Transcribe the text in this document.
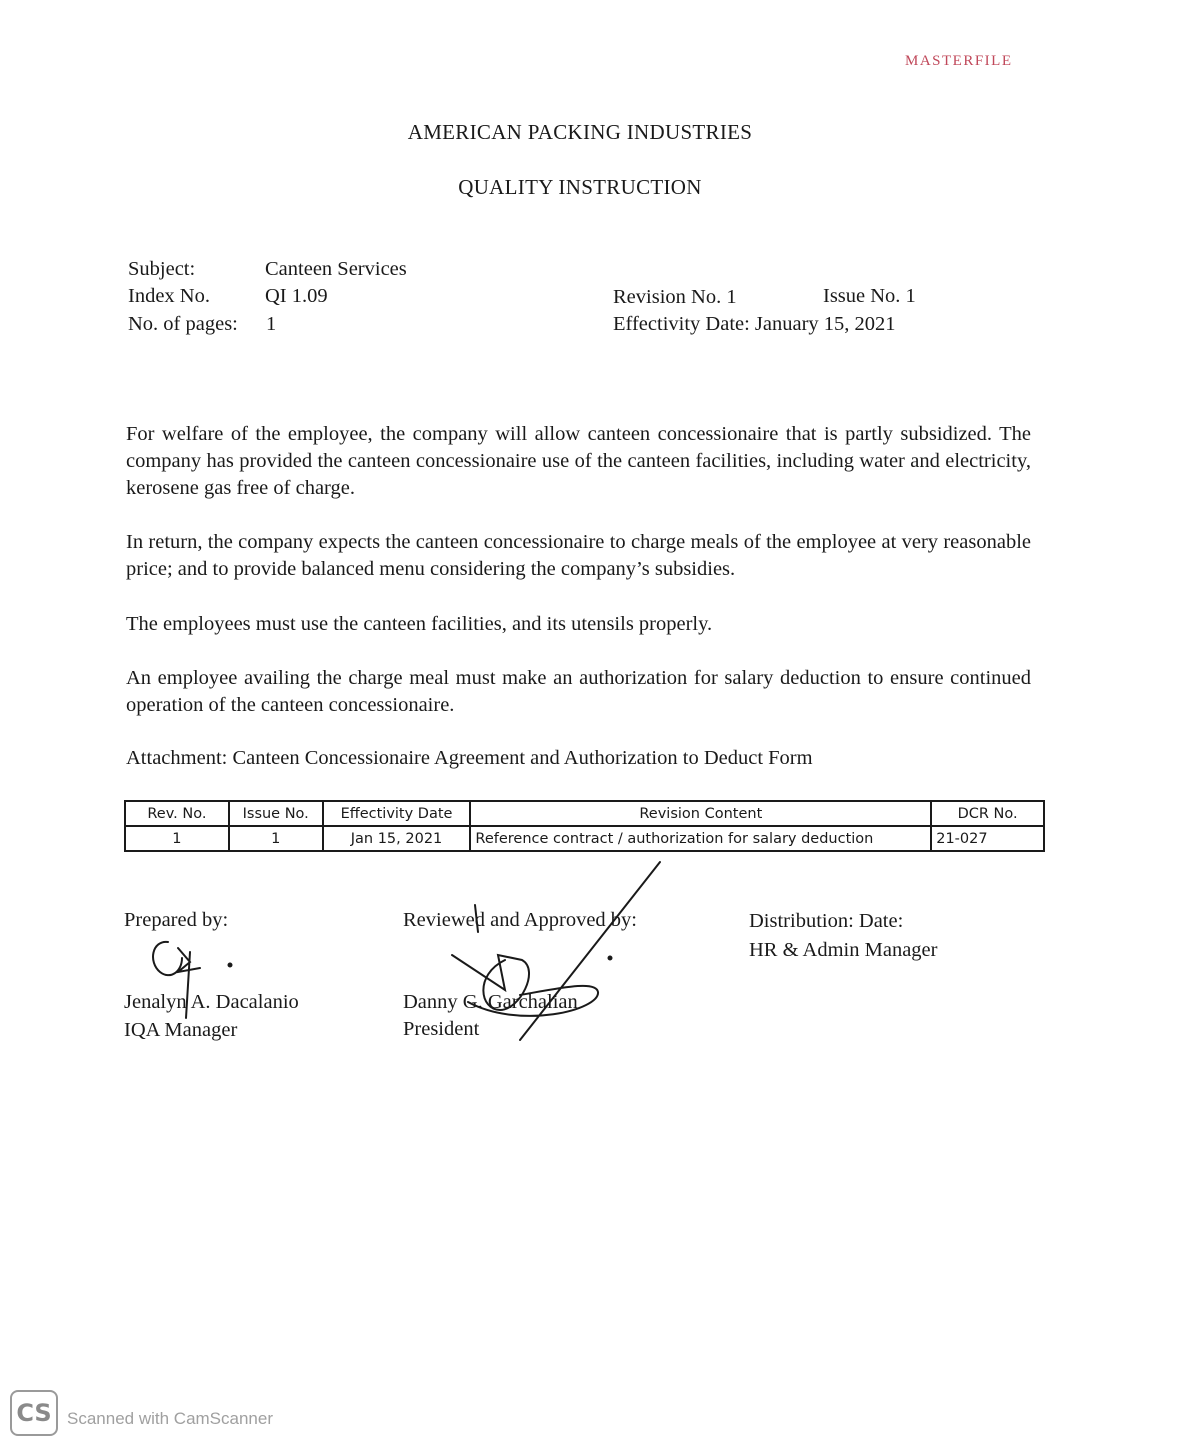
MASTERFILE
AMERICAN PACKING INDUSTRIES
QUALITY INSTRUCTION
Subject:	Canteen Services
Index No.	QI 1.09
No. of pages: 1
Revision No. 1	Issue No. 1
Effectivity Date: January 15, 2021
For welfare of the employee, the company will allow canteen concessionaire that is partly subsidized. The company has provided the canteen concessionaire use of the canteen facilities, including water and electricity, kerosene gas free of charge.
In return, the company expects the canteen concessionaire to charge meals of the employee at very reasonable price; and to provide balanced menu considering the company’s subsidies.
The employees must use the canteen facilities, and its utensils properly.
An employee availing the charge meal must make an authorization for salary deduction to ensure continued operation of the canteen concessionaire.
Attachment: Canteen Concessionaire Agreement and Authorization to Deduct Form
Rev. No.	Issue No.	Effectivity Date	Revision Content	DCR No.
1	1	Jan 15, 2021	Reference contract / authorization for salary deduction	21-027
Prepared by:
Jenalyn A. Dacalanio
IQA Manager
Reviewed and Approved by:
Danny G. Garchalian
President
Distribution: Date:
HR & Admin Manager
CS Scanned with CamScanner
